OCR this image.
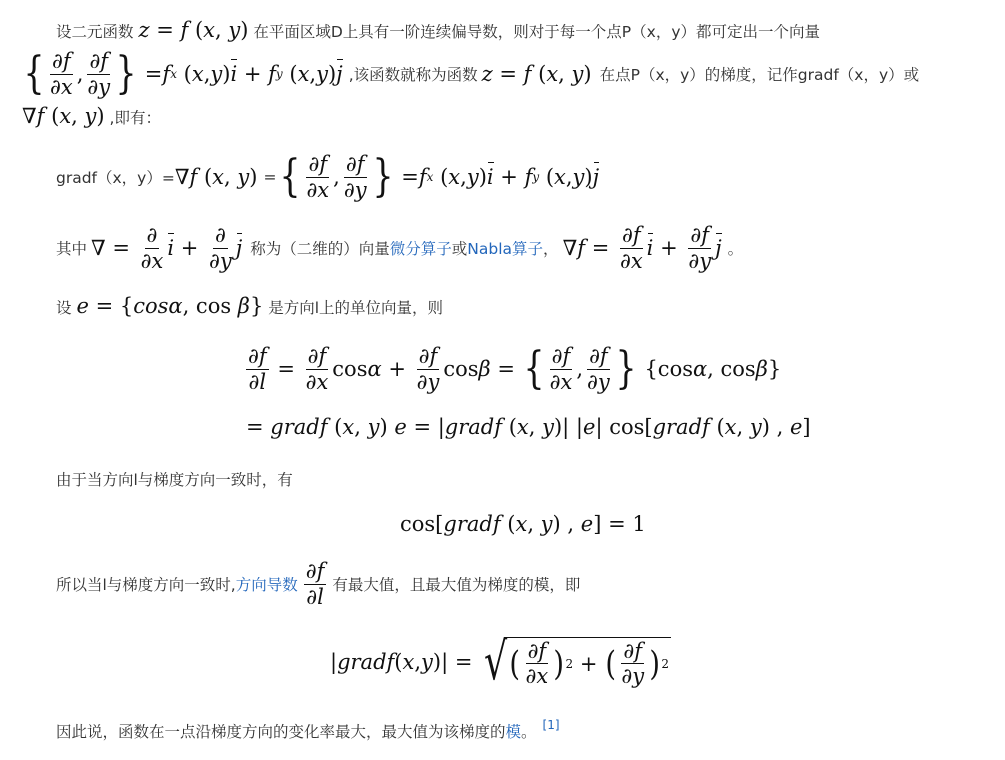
设二元函数 z = f (x, y) 在平面区域D上具有一阶连续偏导数，则对于每一个点P（x，y）都可定出一个向量
{ $\frac{\partial f}{\partial x}$ , $\frac{\partial f}{\partial y}$ } = f x ( x , y ) i + f y ( x , y ) j ,该函数就称为函数 z = f (x, y) 在点P（x，y）的梯度，记作gradf（x，y）或
∇f (x, y) ,即有：
gradf（x，y）= ∇f (x, y) = { $\frac{\partial f}{\partial x}$ , $\frac{\partial f}{\partial y}$ } = f x ( x , y ) i + f y ( x , y ) j
其中 ∇ = $\frac{\partial}{\partial x}$ $i + \frac{\partial}{\partial y}$ j 称为（二维的）向量 微分算子 或 Nabla算子 ， ∇ $f = \frac{\partial f}{\partial x}$ $i + \frac{\partial f}{\partial y}$ j 。
设 e = {cosα, cos β} 是方向l上的单位向量，则
$\frac{\partial f}{\partial l} = \frac{\partial f}{\partial x}$ $\cos \alpha + \frac{\partial f}{\partial y}$ cos β = { $\frac{\partial f}{\partial x}$ , $\frac{\partial f}{\partial y}$ } {cos α , cos β }
= gradf (x, y) e = |gradf (x, y)| |e| cos[gradf (x, y) , e]
由于当方向l与梯度方向一致时，有
cos[gradf (x, y) , e] = 1
所以当l与梯度方向一致时, 方向导数 $\frac{\partial f}{\partial l}$ 有最大值，且最大值为梯度的模，即
| gradf ( x , y )| = √ ( $\frac{\partial f}{\partial x}$ ) 2 + ( $\frac{\partial f}{\partial y}$ ) 2
因此说，函数在一点沿梯度方向的变化率最大，最大值为该梯度的模。 [1]
